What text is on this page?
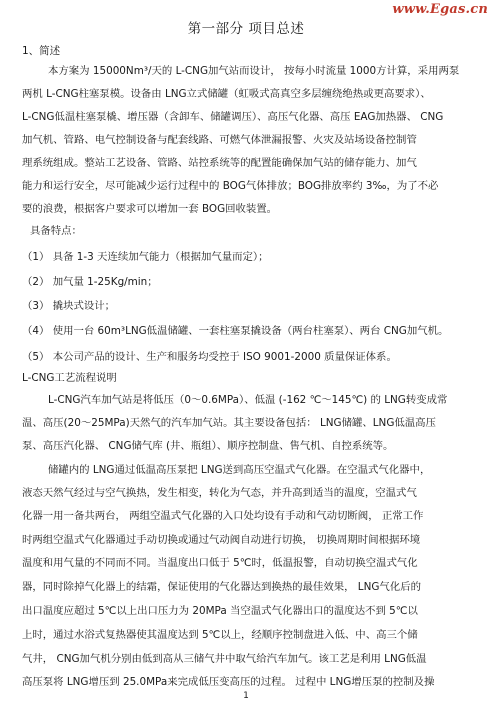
www.Egas.cn
第一部分 项目总述
1、简述
本方案为 15000Nm³/天的 L-CNG加气站而设计， 按每小时流量 1000方计算，采用两泵
两机 L-CNG柱塞泵模。设备由 LNG立式储罐（虹吸式高真空多层缠绕绝热或更高要求）、
L-CNG低温柱塞泵橇、增压器（含卸车、储罐调压）、高压气化器、高压 EAG加热器、 CNG
加气机、管路、电气控制设备与配套线路、可燃气体泄漏报警、火灾及站场设备控制管
理系统组成。整站工艺设备、管路、站控系统等的配置能确保加气站的储存能力、加气
能力和运行安全，尽可能减少运行过程中的 BOG气体排放；BOG排放率约 3‰，为了不必
要的浪费，根据客户要求可以增加一套 BOG回收装置。
具备特点：
（1） 具备 1-3 天连续加气能力（根据加气量而定）；
（2） 加气量 1-25Kg/min；
（3） 撬块式设计；
（4） 使用一台 60m³LNG低温储罐、一套柱塞泵撬设备（两台柱塞泵）、两台 CNG加气机。
（5） 本公司产品的设计、生产和服务均受控于 ISO 9001-2000 质量保证体系。
L-CNG工艺流程说明
L-CNG汽车加气站是将低压（0～0.6MPa）、低温 (-162 ℃～145℃) 的 LNG转变成常
温、高压(20～25MPa)天然气的汽车加气站。其主要设备包括： LNG储罐、LNG低温高压
泵、高压汽化器、 CNG储气库 (井、瓶组）、顺序控制盘、售气机、自控系统等。
储罐内的 LNG通过低温高压泵把 LNG送到高压空温式气化器。在空温式气化器中，
液态天然气经过与空气换热，发生相变，转化为气态，并升高到适当的温度，空温式气
化器一用一备共两台， 两组空温式气化器的入口处均设有手动和气动切断阀， 正常工作
时两组空温式气化器通过手动切换或通过气动阀自动进行切换， 切换周期时间根据环境
温度和用气量的不同而不同。当温度出口低于 5℃时，低温报警，自动切换空温式气化
器，同时除掉气化器上的结霜，保证使用的气化器达到换热的最佳效果， LNG气化后的
出口温度应超过 5℃以上出口压力为 20MPa 当空温式气化器出口的温度达不到 5℃以
上时，通过水浴式复热器使其温度达到 5℃以上，经顺序控制盘进入低、中、高三个储
气井， CNG加气机分别由低到高从三储气井中取气给汽车加气。该工艺是利用 LNG低温
高压泵将 LNG增压到 25.0MPa来完成低压变高压的过程。 过程中 LNG增压泵的控制及操
1
